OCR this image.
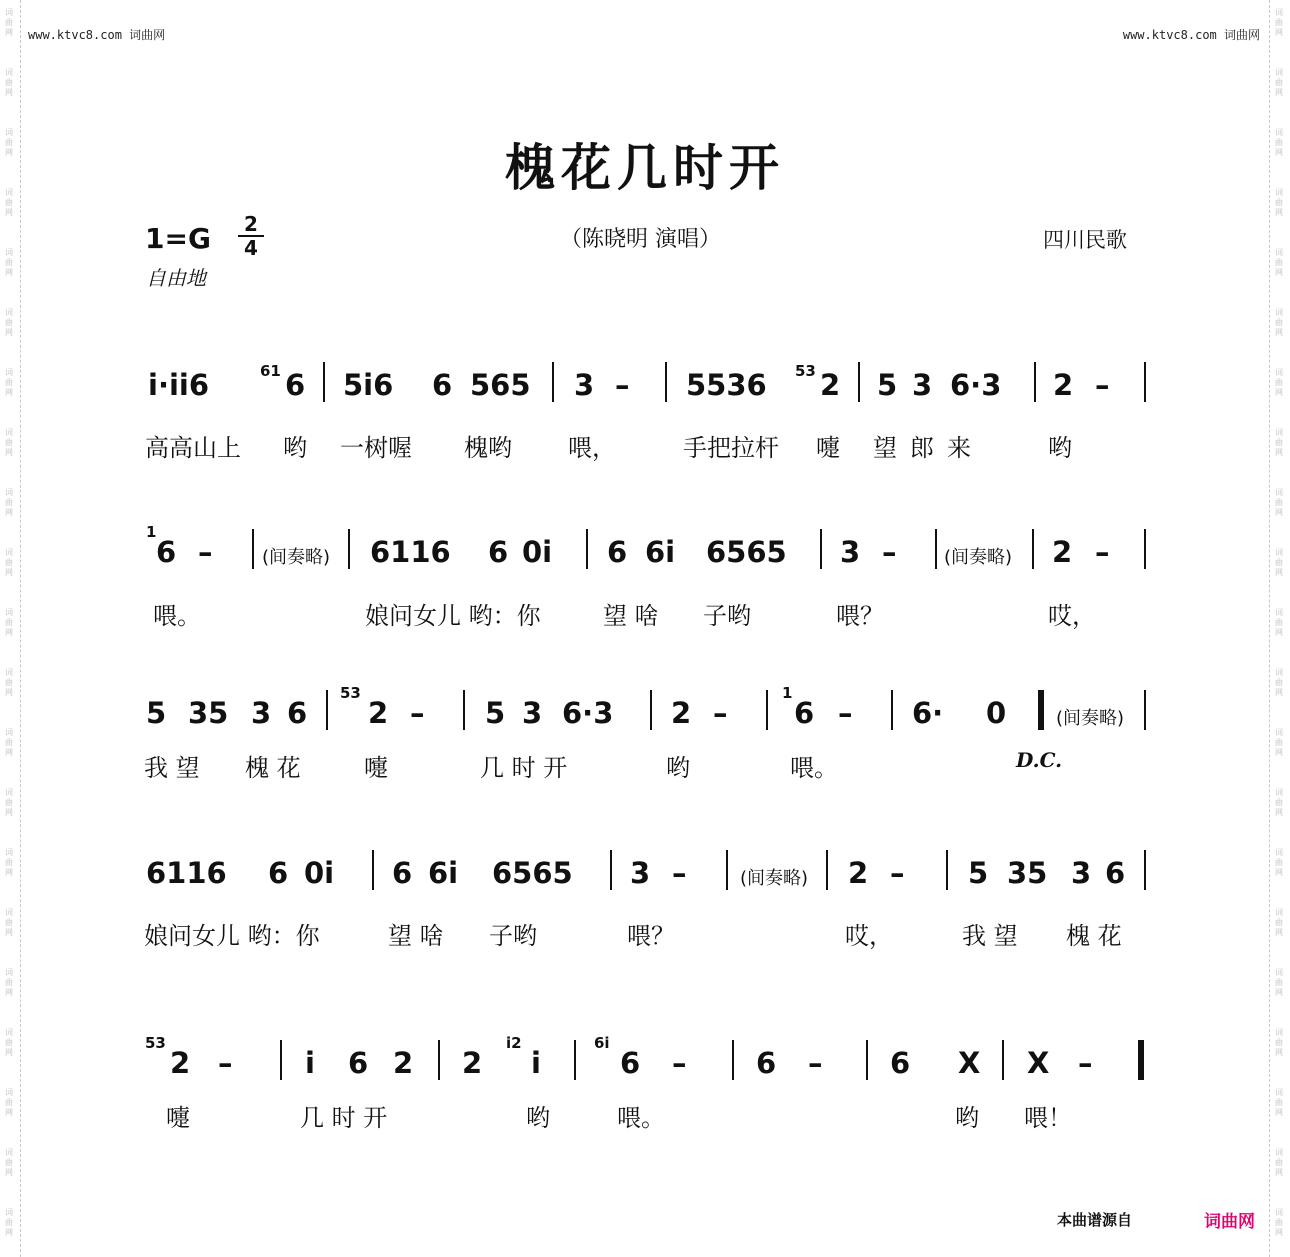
词曲网
词曲网
词曲网
词曲网
词曲网
词曲网
词曲网
词曲网
词曲网
词曲网
词曲网
词曲网
词曲网
词曲网
词曲网
词曲网
词曲网
词曲网
词曲网
词曲网
词曲网
词曲网
词曲网
词曲网
词曲网
词曲网
词曲网
词曲网
词曲网
词曲网
词曲网
词曲网
词曲网
词曲网
词曲网
词曲网
词曲网
词曲网
词曲网
词曲网
词曲网
词曲网
www.ktvc8.com 词曲网	www.ktvc8.com 词曲网
槐花几时开
1=G	2
4
自由地
（陈晓明 演唱）	四川民歌
i·ii6	61 6 5i6 6 565 3 – 5536 53 2 5 3 6·3 2 –
高高山上 哟 一树喔 槐哟 喂，	手把拉杆 嚏 望 郎 来	哟
1
6 –	(间奏略) 6116 6 0i 6 6i 6565 3 –	(间奏略) 2 –
喂。	娘问女儿 哟：你	望 啥 子哟	喂？	哎，
5 35 3 6
53
2 – 5 3 6·3 2 –
1
6 – 6· 0	(间奏略)
我 望 槐 花	嚏	几 时 开	哟	喂。	D.C.
6116 6 0i 6 6i 6565 3 –	(间奏略) 2 – 5 35 3 6
娘问女儿 哟：你	望 啥 子哟	喂？	哎，	我 望 槐 花
53
2 –	i 6 2 2
i2
i
6i
6 – 6 – 6 X X –
嚏	几 时 开	哟	喂。	哟 喂！
本曲谱源自	词曲网
